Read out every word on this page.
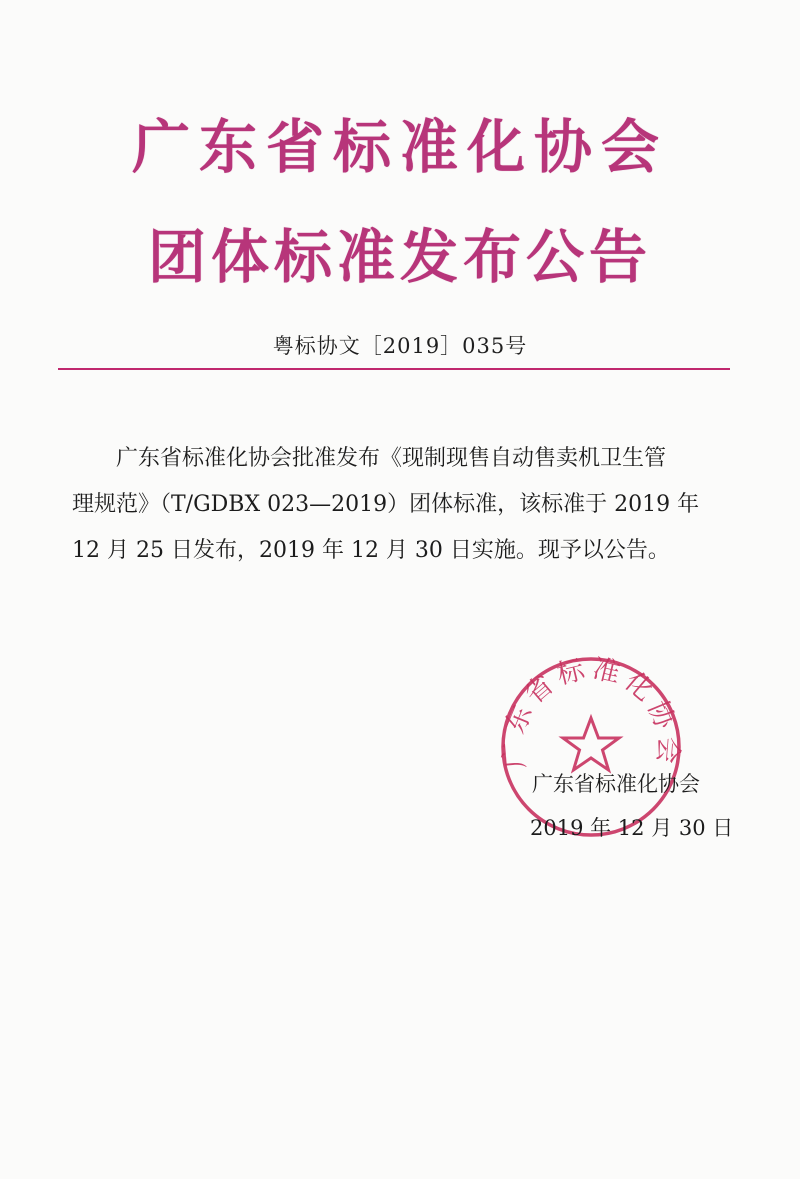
广东省标准化协会
团体标准发布公告
粤标协文［2019］035号

广东省标准化协会批准发布《现制现售自动售卖机卫生管

理规范》（T/GDBX 023—2019）团体标准，该标准于 2019 年

12 月 25 日发布，2019 年 12 月 30 日实施。现予以公告。

广东省标准化协会
广东省标准化协会
2019 年 12 月 30 日
